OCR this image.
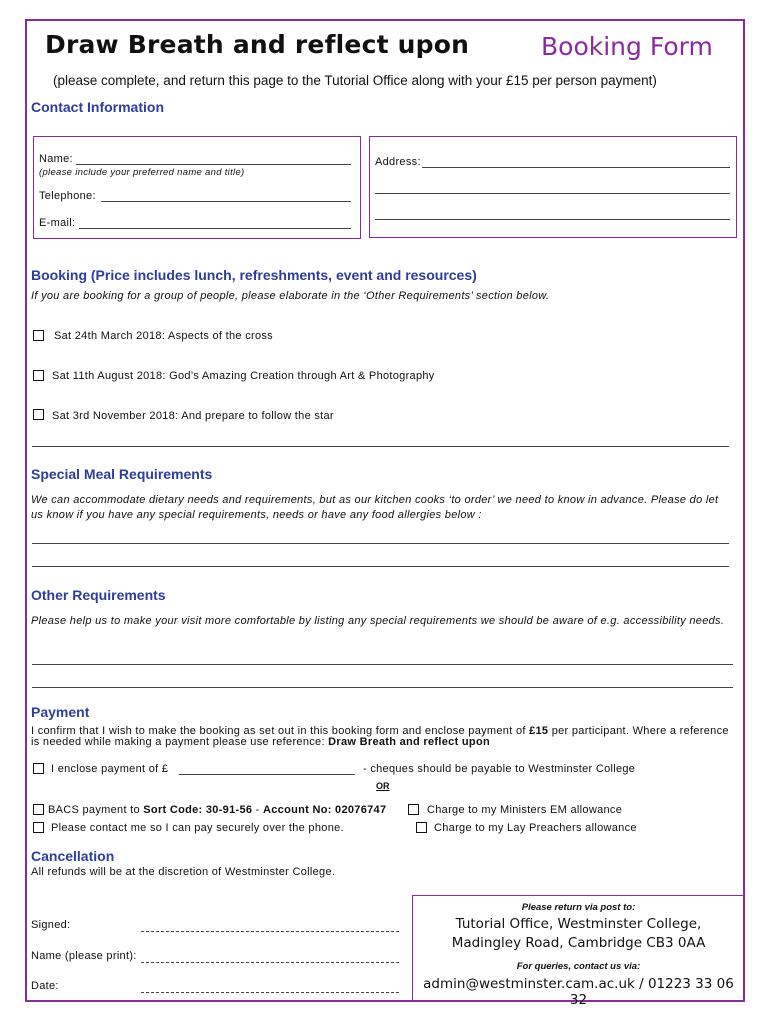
Draw Breath and reflect upon	Booking Form
(please complete, and return this page to the Tutorial Office along with your £15 per person payment)
Contact Information
Name:
(please include your preferred name and title)
Telephone:
E-mail:
Address:
Booking (Price includes lunch, refreshments, event and resources)
If you are booking for a group of people, please elaborate in the ‘Other Requirements’ section below.
Sat 24th March 2018: Aspects of the cross
Sat 11th August 2018: God’s Amazing Creation through Art & Photography
Sat 3rd November 2018: And prepare to follow the star
Special Meal Requirements
We can accommodate dietary needs and requirements, but as our kitchen cooks ‘to order’ we need to know in advance. Please do let us know if you have any special requirements, needs or have any food allergies below :
Other Requirements
Please help us to make your visit more comfortable by listing any special requirements we should be aware of e.g. accessibility needs.
Payment
I confirm that I wish to make the booking as set out in this booking form and enclose payment of £15 per participant. Where a reference is needed while making a payment please use reference: Draw Breath and reflect upon
I enclose payment of £	- cheques should be payable to Westminster College
OR
BACS payment to Sort Code: 30-91-56 - Account No: 02076747	Charge to my Ministers EM allowance
Please contact me so I can pay securely over the phone.	Charge to my Lay Preachers allowance
Cancellation
All refunds will be at the discretion of Westminster College.
Signed:
Name (please print):
Date:
Please return via post to:
Tutorial Office, Westminster College,
Madingley Road, Cambridge CB3 0AA
For queries, contact us via:
admin@westminster.cam.ac.uk / 01223 33 06 32
